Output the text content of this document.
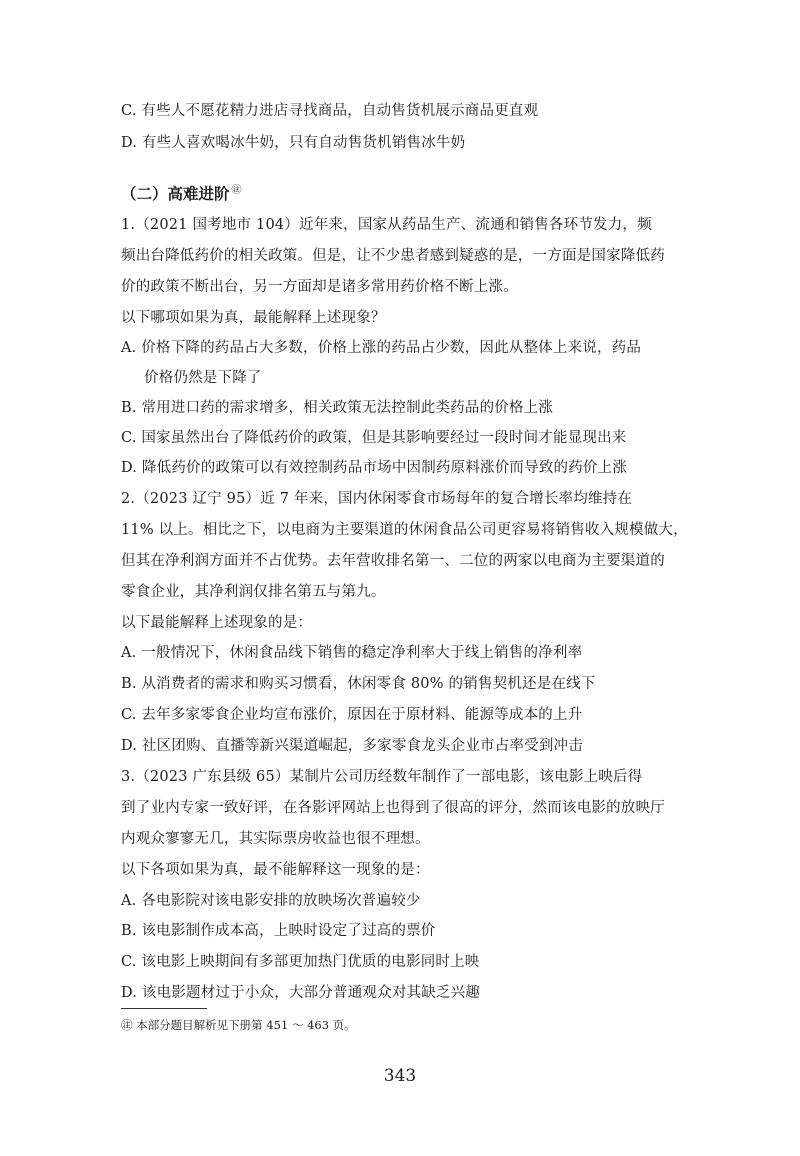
C. 有些人不愿花精力进店寻找商品，自动售货机展示商品更直观
D. 有些人喜欢喝冰牛奶，只有自动售货机销售冰牛奶
（二）高难进阶 ㊟
1.（2021 国考地市 104）近年来，国家从药品生产、流通和销售各环节发力，频
频出台降低药价的相关政策。但是，让不少患者感到疑惑的是，一方面是国家降低药
价的政策不断出台，另一方面却是诸多常用药价格不断上涨。
以下哪项如果为真，最能解释上述现象？
A. 价格下降的药品占大多数，价格上涨的药品占少数，因此从整体上来说，药品
价格仍然是下降了
B. 常用进口药的需求增多，相关政策无法控制此类药品的价格上涨
C. 国家虽然出台了降低药价的政策，但是其影响要经过一段时间才能显现出来
D. 降低药价的政策可以有效控制药品市场中因制药原料涨价而导致的药价上涨
2.（2023 辽宁 95）近 7 年来，国内休闲零食市场每年的复合增长率均维持在
11% 以上。相比之下，以电商为主要渠道的休闲食品公司更容易将销售收入规模做大，
但其在净利润方面并不占优势。去年营收排名第一、二位的两家以电商为主要渠道的
零食企业，其净利润仅排名第五与第九。
以下最能解释上述现象的是：
A. 一般情况下，休闲食品线下销售的稳定净利率大于线上销售的净利率
B. 从消费者的需求和购买习惯看，休闲零食 80% 的销售契机还是在线下
C. 去年多家零食企业均宣布涨价，原因在于原材料、能源等成本的上升
D. 社区团购、直播等新兴渠道崛起，多家零食龙头企业市占率受到冲击
3.（2023 广东县级 65）某制片公司历经数年制作了一部电影，该电影上映后得
到了业内专家一致好评，在各影评网站上也得到了很高的评分，然而该电影的放映厅
内观众寥寥无几，其实际票房收益也很不理想。
以下各项如果为真，最不能解释这一现象的是：
A. 各电影院对该电影安排的放映场次普遍较少
B. 该电影制作成本高，上映时设定了过高的票价
C. 该电影上映期间有多部更加热门优质的电影同时上映
D. 该电影题材过于小众，大部分普通观众对其缺乏兴趣
㊟ 本部分题目解析见下册第 451 ～ 463 页。
343
